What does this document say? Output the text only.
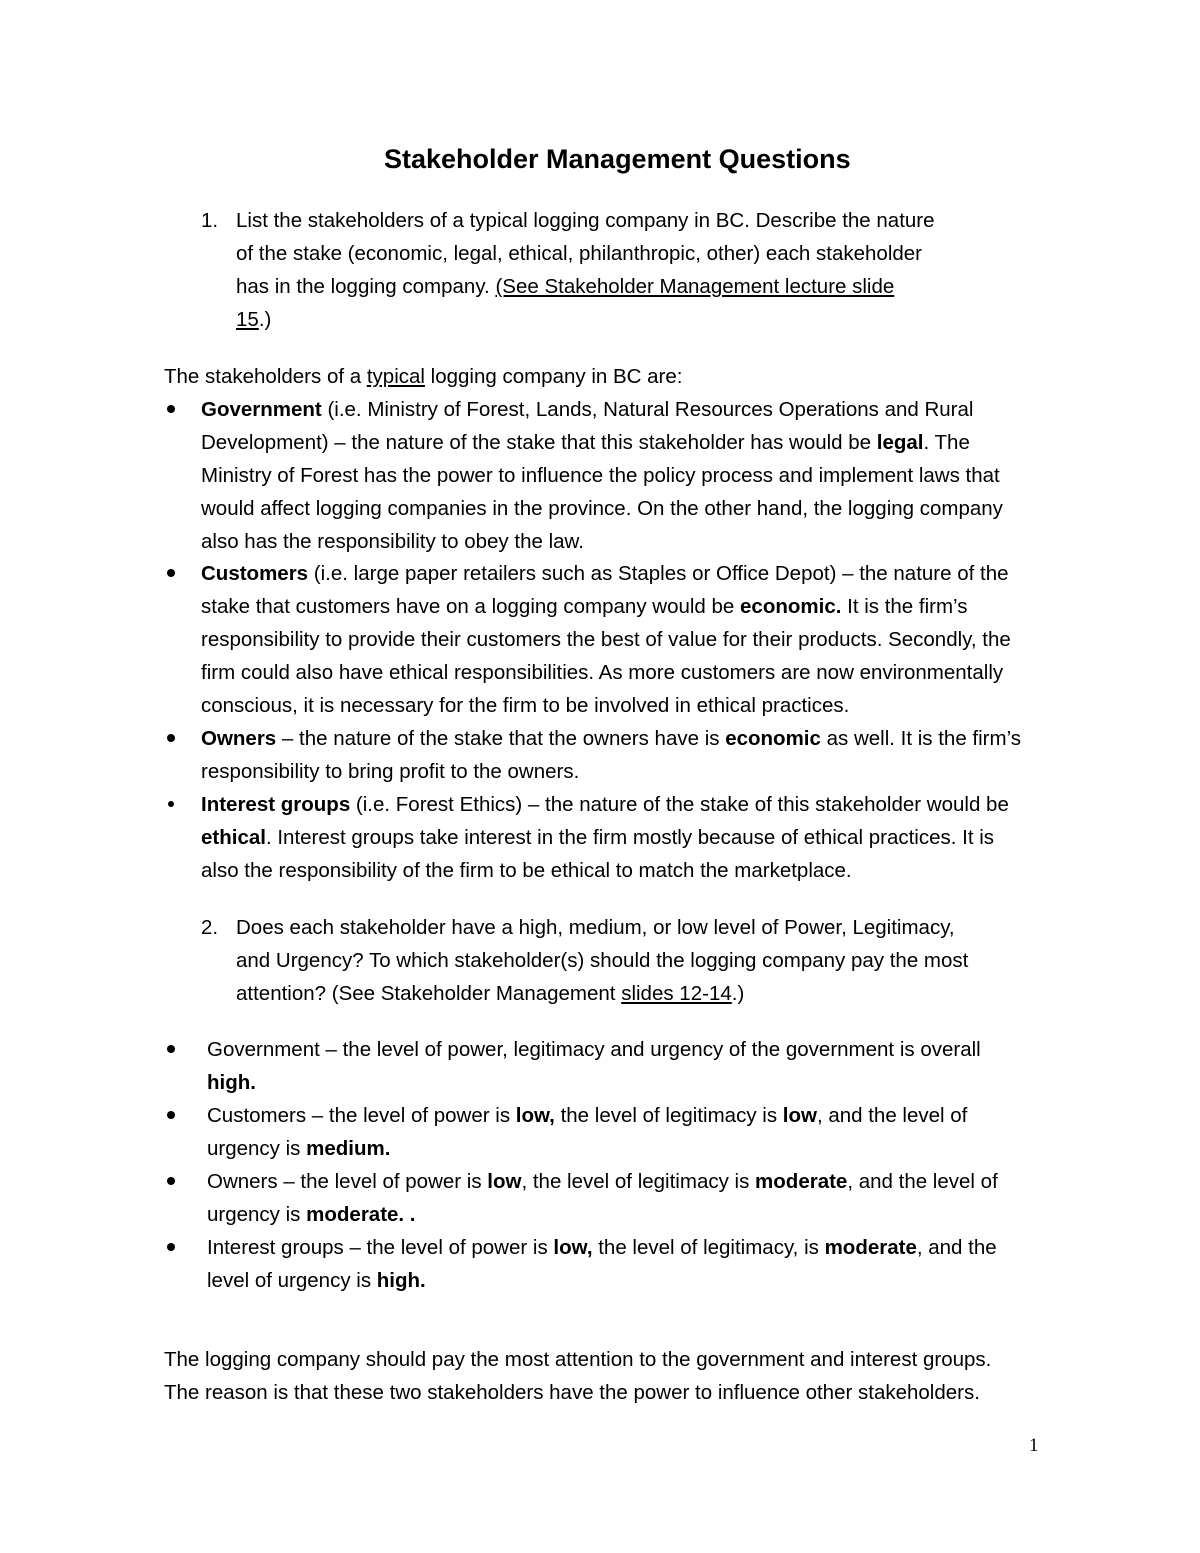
Stakeholder Management Questions
1. List the stakeholders of a typical logging company in BC. Describe the nature
of the stake (economic, legal, ethical, philanthropic, other) each stakeholder
has in the logging company. (See Stakeholder Management lecture slide
15.)
The stakeholders of a typical logging company in BC are:
Government (i.e. Ministry of Forest, Lands, Natural Resources Operations and Rural
Development) – the nature of the stake that this stakeholder has would be legal. The
Ministry of Forest has the power to influence the policy process and implement laws that
would affect logging companies in the province. On the other hand, the logging company
also has the responsibility to obey the law.
Customers (i.e. large paper retailers such as Staples or Office Depot) – the nature of the
stake that customers have on a logging company would be economic. It is the firm’s
responsibility to provide their customers the best of value for their products. Secondly, the
firm could also have ethical responsibilities. As more customers are now environmentally
conscious, it is necessary for the firm to be involved in ethical practices.
Owners – the nature of the stake that the owners have is economic as well. It is the firm’s
responsibility to bring profit to the owners.
Interest groups (i.e. Forest Ethics) – the nature of the stake of this stakeholder would be
ethical. Interest groups take interest in the firm mostly because of ethical practices. It is
also the responsibility of the firm to be ethical to match the marketplace.
2. Does each stakeholder have a high, medium, or low level of Power, Legitimacy,
and Urgency? To which stakeholder(s) should the logging company pay the most
attention? (See Stakeholder Management slides 12-14.)
Government – the level of power, legitimacy and urgency of the government is overall
high.
Customers – the level of power is low, the level of legitimacy is low, and the level of
urgency is medium.
Owners – the level of power is low, the level of legitimacy is moderate, and the level of
urgency is moderate. .
Interest groups – the level of power is low, the level of legitimacy, is moderate, and the
level of urgency is high.
The logging company should pay the most attention to the government and interest groups.
The reason is that these two stakeholders have the power to influence other stakeholders.
1
